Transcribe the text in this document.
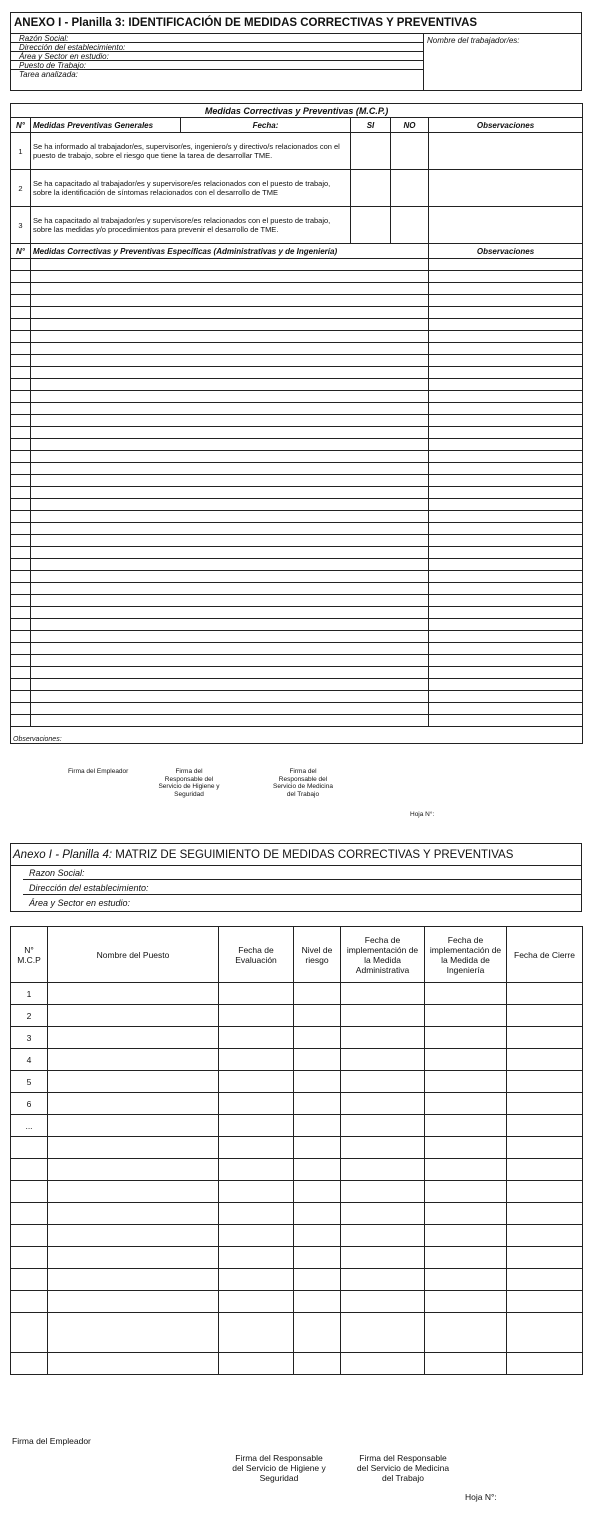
ANEXO I - Planilla 3: IDENTIFICACIÓN DE MEDIDAS CORRECTIVAS Y PREVENTIVAS
Razón Social:
Dirección del establecimiento:
Área y Sector en estudio:
Puesto de Trabajo:
Tarea analizada:
Nombre del trabajador/es:
Medidas Correctivas y Preventivas (M.C.P.)					
N°	Medidas Preventivas Generales	Fecha:	SI	NO	Observaciones
1	Se ha informado al trabajador/es, supervisor/es, ingeniero/s y directivo/s relacionados con el puesto de trabajo, sobre el riesgo que tiene la tarea de desarrollar TME.				
2	Se ha capacitado al trabajador/es y supervisore/es relacionados con el puesto de trabajo, sobre la identificación de síntomas relacionados con el desarrollo de TME				
3	Se ha capacitado al trabajador/es y supervisore/es relacionados con el puesto de trabajo, sobre las medidas y/o procedimientos para prevenir el desarrollo de TME.				
N°	Medidas Correctivas y Preventivas Específicas (Administrativas y de Ingeniería)				Observaciones

Observaciones:					
Firma del Empleador	Firma del
Responsable del
Servicio de Higiene y
Seguridad
Firma del
Responsable del
Servicio de Medicina
del Trabajo
Hoja N°:
Anexo I - Planilla 4: MATRIZ DE SEGUIMIENTO DE MEDIDAS CORRECTIVAS Y PREVENTIVAS
Razon Social:
Dirección del establecimiento:
Área y Sector en estudio:
N° M.C.P	Nombre del Puesto	Fecha de Evaluación	Nivel de riesgo	Fecha de implementación de la Medida Administrativa	Fecha de implementación de la Medida de Ingeniería	Fecha de Cierre
1						
2						
3						
4						
5						
6						
...						

Firma del Empleador
Firma del Responsable
del Servicio de Higiene y
Seguridad
Firma del Responsable
del Servicio de Medicina
del Trabajo
Hoja N°:
